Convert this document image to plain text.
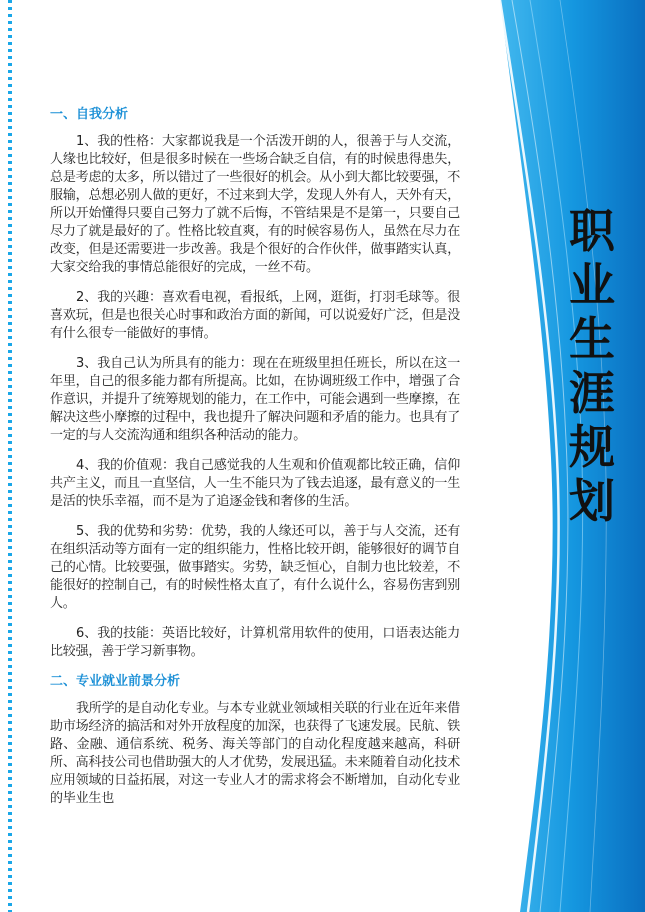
职
业
生
涯
规
划
一、自我分析

1、我的性格：大家都说我是一个活泼开朗的人，很善于与人交流，人缘也比较好，但是很多时候在一些场合缺乏自信，有的时候患得患失，总是考虑的太多，所以错过了一些很好的机会。从小到大都比较要强，不服输，总想必别人做的更好，不过来到大学，发现人外有人，天外有天，所以开始懂得只要自己努力了就不后悔，不管结果是不是第一，只要自己尽力了就是最好的了。性格比较直爽，有的时候容易伤人，虽然在尽力在改变，但是还需要进一步改善。我是个很好的合作伙伴，做事踏实认真，大家交给我的事情总能很好的完成，一丝不苟。

2、我的兴趣：喜欢看电视，看报纸，上网，逛街，打羽毛球等。很喜欢玩，但是也很关心时事和政治方面的新闻，可以说爱好广泛，但是没有什么很专一能做好的事情。

3、我自己认为所具有的能力：现在在班级里担任班长，所以在这一年里，自己的很多能力都有所提高。比如，在协调班级工作中，增强了合作意识，并提升了统筹规划的能力，在工作中，可能会遇到一些摩擦，在解决这些小摩擦的过程中，我也提升了解决问题和矛盾的能力。也具有了一定的与人交流沟通和组织各种活动的能力。

4、我的价值观：我自己感觉我的人生观和价值观都比较正确，信仰共产主义，而且一直坚信，人一生不能只为了钱去追逐，最有意义的一生是活的快乐幸福，而不是为了追逐金钱和奢侈的生活。

5、我的优势和劣势：优势，我的人缘还可以，善于与人交流，还有在组织活动等方面有一定的组织能力，性格比较开朗，能够很好的调节自己的心情。比较要强，做事踏实。劣势，缺乏恒心，自制力也比较差，不能很好的控制自己，有的时候性格太直了，有什么说什么，容易伤害到别人。

6、我的技能：英语比较好，计算机常用软件的使用，口语表达能力比较强，善于学习新事物。

二、专业就业前景分析

我所学的是自动化专业。与本专业就业领域相关联的行业在近年来借助市场经济的搞活和对外开放程度的加深，也获得了飞速发展。民航、铁路、金融、通信系统、税务、海关等部门的自动化程度越来越高，科研所、高科技公司也借助强大的人才优势，发展迅猛。未来随着自动化技术应用领域的日益拓展，对这一专业人才的需求将会不断增加，自动化专业的毕业生也
